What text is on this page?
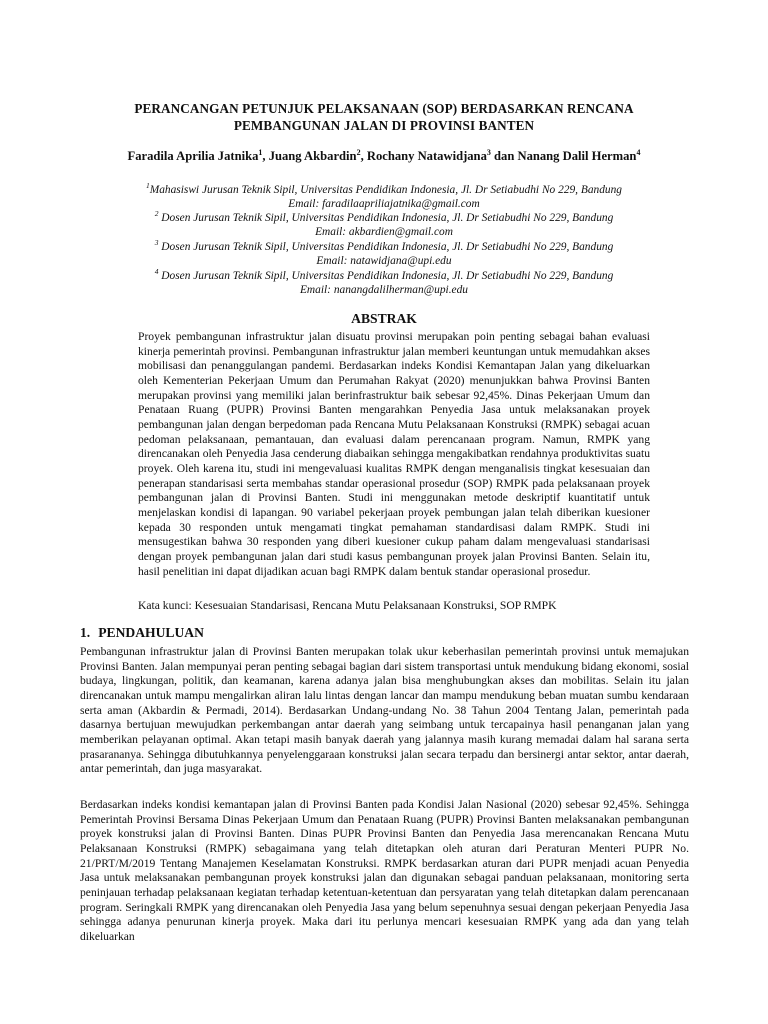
PERANCANGAN PETUNJUK PELAKSANAAN (SOP) BERDASARKAN RENCANA
PEMBANGUNAN JALAN DI PROVINSI BANTEN
Faradila Aprilia Jatnika$^1$, Juang Akbardin$^2$, Rochany Natawidjana$^3$ dan Nanang Dalil Herman$^4$
$^1$Mahasiswi Jurusan Teknik Sipil, Universitas Pendidikan Indonesia, Jl. Dr Setiabudhi No 229, Bandung
Email: faradilaapriliajatnika@gmail.com
$^2$ Dosen Jurusan Teknik Sipil, Universitas Pendidikan Indonesia, Jl. Dr Setiabudhi No 229, Bandung
Email: akbardien@gmail.com
$^3$ Dosen Jurusan Teknik Sipil, Universitas Pendidikan Indonesia, Jl. Dr Setiabudhi No 229, Bandung
Email: natawidjana@upi.edu
$^4$ Dosen Jurusan Teknik Sipil, Universitas Pendidikan Indonesia, Jl. Dr Setiabudhi No 229, Bandung
Email: nanangdalilherman@upi.edu
ABSTRAK
Proyek pembangunan infrastruktur jalan disuatu provinsi merupakan poin penting sebagai bahan evaluasi kinerja pemerintah provinsi. Pembangunan infrastruktur jalan memberi keuntungan untuk memudahkan akses mobilisasi dan penanggulangan pandemi. Berdasarkan indeks Kondisi Kemantapan Jalan yang dikeluarkan oleh Kementerian Pekerjaan Umum dan Perumahan Rakyat (2020) menunjukkan bahwa Provinsi Banten merupakan provinsi yang memiliki jalan berinfrastruktur baik sebesar 92,45%. Dinas Pekerjaan Umum dan Penataan Ruang (PUPR) Provinsi Banten mengarahkan Penyedia Jasa untuk melaksanakan proyek pembangunan jalan dengan berpedoman pada Rencana Mutu Pelaksanaan Konstruksi (RMPK) sebagai acuan pedoman pelaksanaan, pemantauan, dan evaluasi dalam perencanaan program. Namun, RMPK yang direncanakan oleh Penyedia Jasa cenderung diabaikan sehingga mengakibatkan rendahnya produktivitas suatu proyek. Oleh karena itu, studi ini mengevaluasi kualitas RMPK dengan menganalisis tingkat kesesuaian dan penerapan standarisasi serta membahas standar operasional prosedur (SOP) RMPK pada pelaksanaan proyek pembangunan jalan di Provinsi Banten. Studi ini menggunakan metode deskriptif kuantitatif untuk menjelaskan kondisi di lapangan. 90 variabel pekerjaan proyek pembungan jalan telah diberikan kuesioner kepada 30 responden untuk mengamati tingkat pemahaman standardisasi dalam RMPK. Studi ini mensugestikan bahwa 30 responden yang diberi kuesioner cukup paham dalam mengevaluasi standarisasi dengan proyek pembangunan jalan dari studi kasus pembangunan proyek jalan Provinsi Banten. Selain itu, hasil penelitian ini dapat dijadikan acuan bagi RMPK dalam bentuk standar operasional prosedur.
Kata kunci: Kesesuaian Standarisasi, Rencana Mutu Pelaksanaan Konstruksi, SOP RMPK
1. PENDAHULUAN
Pembangunan infrastruktur jalan di Provinsi Banten merupakan tolak ukur keberhasilan pemerintah provinsi untuk memajukan Provinsi Banten. Jalan mempunyai peran penting sebagai bagian dari sistem transportasi untuk mendukung bidang ekonomi, sosial budaya, lingkungan, politik, dan keamanan, karena adanya jalan bisa menghubungkan akses dan mobilitas. Selain itu jalan direncanakan untuk mampu mengalirkan aliran lalu lintas dengan lancar dan mampu mendukung beban muatan sumbu kendaraan serta aman (Akbardin & Permadi, 2014). Berdasarkan Undang-undang No. 38 Tahun 2004 Tentang Jalan, pemerintah pada dasarnya bertujuan mewujudkan perkembangan antar daerah yang seimbang untuk tercapainya hasil penanganan jalan yang memberikan pelayanan optimal. Akan tetapi masih banyak daerah yang jalannya masih kurang memadai dalam hal sarana serta prasarananya. Sehingga dibutuhkannya penyelenggaraan konstruksi jalan secara terpadu dan bersinergi antar sektor, antar daerah, antar pemerintah, dan juga masyarakat.
Berdasarkan indeks kondisi kemantapan jalan di Provinsi Banten pada Kondisi Jalan Nasional (2020) sebesar 92,45%. Sehingga Pemerintah Provinsi Bersama Dinas Pekerjaan Umum dan Penataan Ruang (PUPR) Provinsi Banten melaksanakan pembangunan proyek konstruksi jalan di Provinsi Banten. Dinas PUPR Provinsi Banten dan Penyedia Jasa merencanakan Rencana Mutu Pelaksanaan Konstruksi (RMPK) sebagaimana yang telah ditetapkan oleh aturan dari Peraturan Menteri PUPR No. 21/PRT/M/2019 Tentang Manajemen Keselamatan Konstruksi. RMPK berdasarkan aturan dari PUPR menjadi acuan Penyedia Jasa untuk melaksanakan pembangunan proyek konstruksi jalan dan digunakan sebagai panduan pelaksanaan, monitoring serta peninjauan terhadap pelaksanaan kegiatan terhadap ketentuan-ketentuan dan persyaratan yang telah ditetapkan dalam perencanaan program. Seringkali RMPK yang direncanakan oleh Penyedia Jasa yang belum sepenuhnya sesuai dengan pekerjaan Penyedia Jasa sehingga adanya penurunan kinerja proyek. Maka dari itu perlunya mencari kesesuaian RMPK yang ada dan yang telah dikeluarkan
